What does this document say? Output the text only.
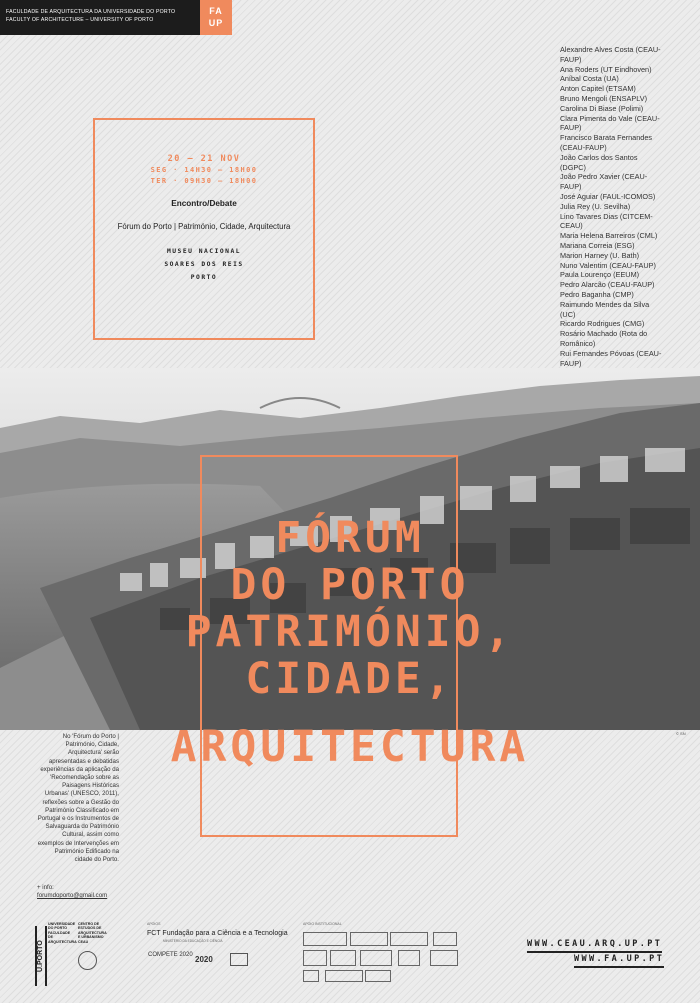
FACULDADE DE ARQUITECTURA DA UNIVERSIDADE DO PORTO
FACULTY OF ARCHITECTURE – UNIVERSITY OF PORTO
FA
UP
Alexandre Alves Costa (CEAU-
FAUP)
Ana Roders (UT Eindhoven)
Aníbal Costa (UA)
Anton Capitel (ETSAM)
Bruno Mengoli (ENSAPLV)
Carolina Di Biase (Polimi)
Clara Pimenta do Vale (CEAU-
FAUP)
Francisco Barata Fernandes
(CEAU-FAUP)
João Carlos dos Santos (DGPC)
João Pedro Xavier (CEAU-FAUP)
José Aguiar (FAUL-ICOMOS)
Julia Rey (U. Sevilha)
Lino Tavares Dias (CITCEM-CEAU)
Maria Helena Barreiros (CML)
Mariana Correia (ESG)
Marion Harney (U. Bath)
Nuno Valentim (CEAU-FAUP)
Paula Lourenço (EEUM)
Pedro Alarcão (CEAU-FAUP)
Pedro Baganha (CMP)
Raimundo Mendes da Silva (UC)
Ricardo Rodrigues (CMG)
Rosário Machado (Rota do
Românico)
Rui Fernandes Póvoas (CEAU-
FAUP)
20 — 21 NOV
SEG · 14H30 — 18H00
TER · 09H30 — 18H00
Encontro/Debate
Fórum do Porto | Património, Cidade, Arquitectura
MUSEU NACIONAL
SOARES DOS REIS
PORTO
FÓRUM
DO PORTO
PATRIMÓNIO,
CIDADE,
ARQUITECTURA	© SN
No 'Fórum do Porto | Património, Cidade, Arquitectura' serão apresentadas e debatidas experiências da aplicação da 'Recomendação sobre as Paisagens Históricas Urbanas' (UNESCO, 2011), reflexões sobre a Gestão do Património Classificado em Portugal e os Instrumentos de Salvaguarda do Património Cultural, assim como exemplos de Intervenções em Património Edificado na cidade do Porto.
+ info:
forumdoporto@gmail.com
U.PORTO
UNIVERSIDADE DO PORTO FACULDADE DE ARQUITECTURA
CENTRO DE ESTUDOS DE ARQUITECTURA E URBANISMO CEAU
APOIOS
FCT Fundação para a Ciência e a Tecnologia
MINISTÉRIO DA EDUCAÇÃO E CIÊNCIA
COMPETE 2020 2020
APOIO INSTITUCIONAL
WWW.CEAU.ARQ.UP.PT
WWW.FA.UP.PT
